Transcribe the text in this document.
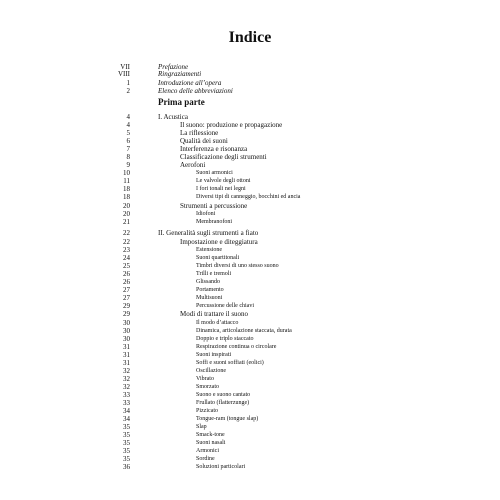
Indice
VII	Prefazione
VIII	Ringraziamenti
1	Introduzione all’opera
2	Elenco delle abbreviazioni
Prima parte
4	I. Acustica
4	Il suono: produzione e propagazione
5	La riflessione
6	Qualità dei suoni
7	Interferenza e risonanza
8	Classificazione degli strumenti
9	Aerofoni
10	Suoni armonici
11	Le valvole degli ottoni
18	I fori tonali nei legni
18	Diversi tipi di canneggio, bocchini ed ancia
20	Strumenti a percussione
20	Idiofoni
21	Membranofoni
22	II. Generalità sugli strumenti a fiato
22	Impostazione e diteggiatura
23	Estensione
24	Suoni quartitonali
25	Timbri diversi di uno stesso suono
26	Trilli e tremoli
26	Glissando
27	Portamento
27	Multisuoni
29	Percussione delle chiavi
29	Modi di trattare il suono
30	Il modo d’attacco
30	Dinamica, articolazione staccata, durata
30	Doppio e triplo staccato
31	Respirazione continua o circolare
31	Suoni inspirati
31	Soffi e suoni soffiati (eolici)
32	Oscillazione
32	Vibrato
32	Smorzato
33	Suono e suono cantato
33	Frullato (flatterzunge)
34	Pizzicato
34	Tongue-ram (tongue slap)
35	Slap
35	Smack-tone
35	Suoni nasali
35	Armonici
35	Sordine
36	Soluzioni particolari
